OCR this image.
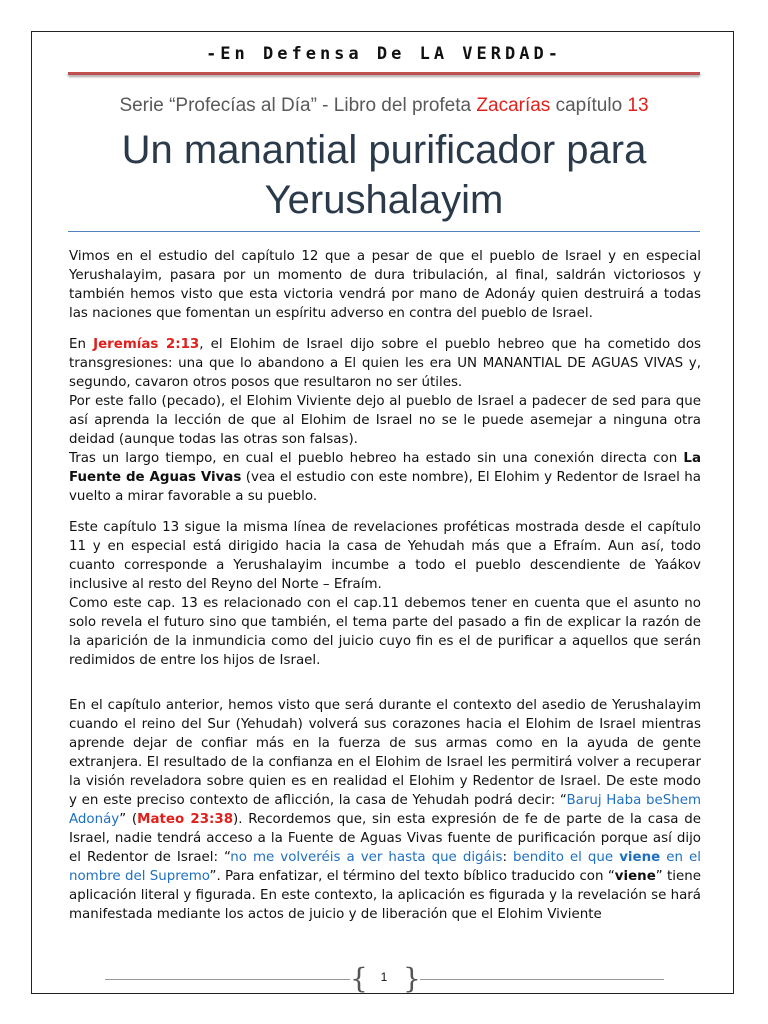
-En Defensa De LA VERDAD-
Serie “Profecías al Día” - Libro del profeta Zacarías capítulo 13
Un manantial purificador para
Yerushalayim

Vimos en el estudio del capítulo 12 que a pesar de que el pueblo de Israel y en especial Yerushalayim, pasara por un momento de dura tribulación, al final, saldrán victoriosos y también hemos visto que esta victoria vendrá por mano de Adonáy quien destruirá a todas las naciones que fomentan un espíritu adverso en contra del pueblo de Israel.

En Jeremías 2:13, el Elohim de Israel dijo sobre el pueblo hebreo que ha cometido dos transgresiones: una que lo abandono a El quien les era UN MANANTIAL DE AGUAS VIVAS y, segundo, cavaron otros posos que resultaron no ser útiles.
Por este fallo (pecado), el Elohim Viviente dejo al pueblo de Israel a padecer de sed para que así aprenda la lección de que al Elohim de Israel no se le puede asemejar a ninguna otra deidad (aunque todas las otras son falsas).
Tras un largo tiempo, en cual el pueblo hebreo ha estado sin una conexión directa con La Fuente de Aguas Vivas (vea el estudio con este nombre), El Elohim y Redentor de Israel ha vuelto a mirar favorable a su pueblo.

Este capítulo 13 sigue la misma línea de revelaciones proféticas mostrada desde el capítulo 11 y en especial está dirigido hacia la casa de Yehudah más que a Efraím. Aun así, todo cuanto corresponde a Yerushalayim incumbe a todo el pueblo descendiente de Yaákov inclusive al resto del Reyno del Norte – Efraím.
Como este cap. 13 es relacionado con el cap.11 debemos tener en cuenta que el asunto no solo revela el futuro sino que también, el tema parte del pasado a fin de explicar la razón de la aparición de la inmundicia como del juicio cuyo fin es el de purificar a aquellos que serán redimidos de entre los hijos de Israel.

En el capítulo anterior, hemos visto que será durante el contexto del asedio de Yerushalayim cuando el reino del Sur (Yehudah) volverá sus corazones hacia el Elohim de Israel mientras aprende dejar de confiar más en la fuerza de sus armas como en la ayuda de gente extranjera. El resultado de la confianza en el Elohim de Israel les permitirá volver a recuperar la visión reveladora sobre quien es en realidad el Elohim y Redentor de Israel. De este modo y en este preciso contexto de aflicción, la casa de Yehudah podrá decir: “Baruj Haba beShem Adonáy” (Mateo 23:38). Recordemos que, sin esta expresión de fe de parte de la casa de Israel, nadie tendrá acceso a la Fuente de Aguas Vivas fuente de purificación porque así dijo el Redentor de Israel: “no me volveréis a ver hasta que digáis: bendito el que viene en el nombre del Supremo”. Para enfatizar, el término del texto bíblico traducido con “viene” tiene aplicación literal y figurada. En este contexto, la aplicación es figurada y la revelación se hará manifestada mediante los actos de juicio y de liberación que el Elohim Viviente

{ }
1
